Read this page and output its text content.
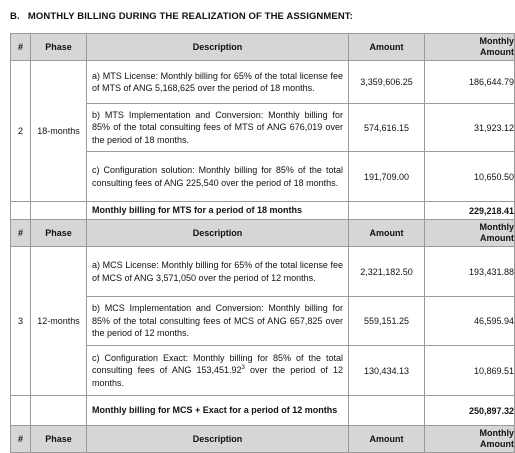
B.   MONTHLY BILLING DURING THE REALIZATION OF THE ASSIGNMENT:
#	Phase	Description	Amount	Monthly
Amount

2	18-months	a) MTS License: Monthly billing for 65% of the total license fee of MTS of ANG 5,168,625 over the period of 18 months.	3,359,606.25	186,644.79
		b) MTS Implementation and Conversion: Monthly billing for 85% of the total consulting fees of MTS of ANG 676,019 over the period of 18 months.	574,616.15	31,923.12
		c) Configuration solution: Monthly billing for 85% of the total consulting fees of ANG 225,540 over the period of 18 months.	191,709.00	10,650.50
		Monthly billing for MTS for a period of 18 months		229,218.41
#	Phase	Description	Amount	Monthly
Amount

3	12-months	a) MCS License: Monthly billing for 65% of the total license fee of MCS of ANG 3,571,050 over the period of 12 months.	2,321,182.50	193,431.88
		b) MCS Implementation and Conversion: Monthly billing for 85% of the total consulting fees of MCS of ANG 657,825 over the period of 12 months.	559,151.25	46,595.94
		c) Configuration Exact: Monthly billing for 85% of the total consulting fees of ANG 153,451.92$^3$ over the period of 12 months.	130,434.13	10,869.51
		Monthly billing for MCS + Exact for a period of 12 months		250,897.32
#	Phase	Description	Amount	Monthly
Amount
